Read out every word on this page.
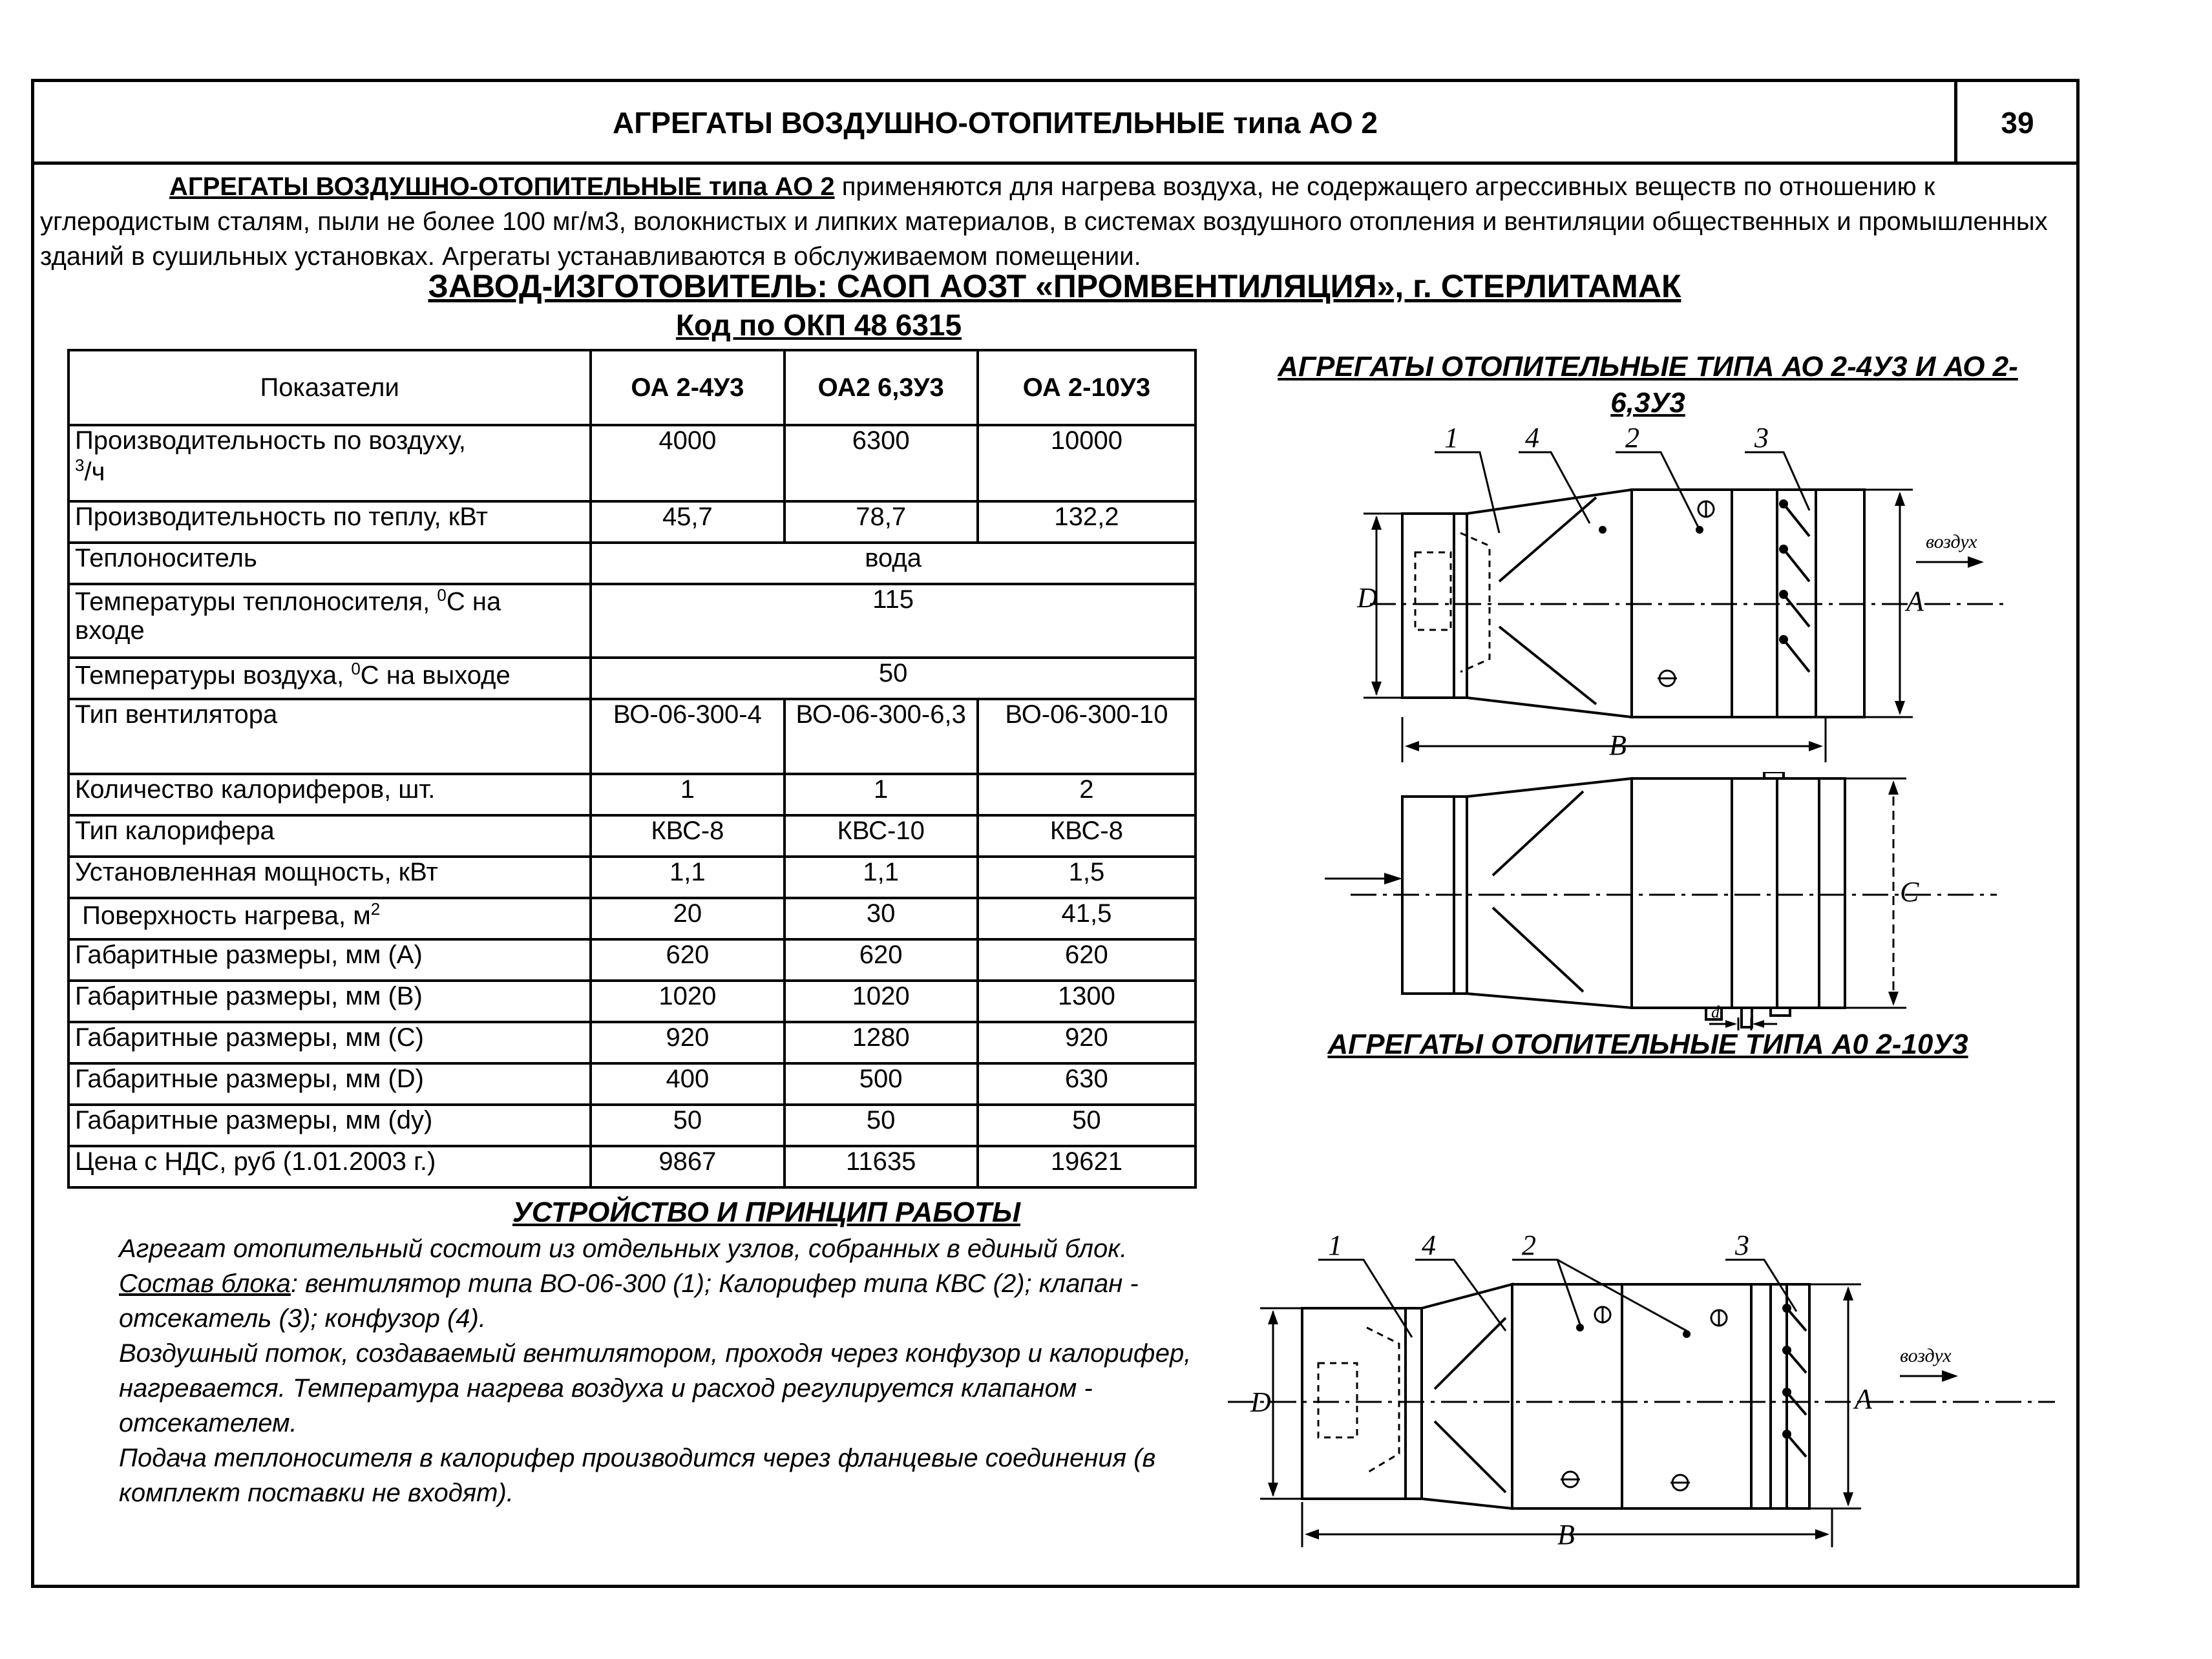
АГРЕГАТЫ ВОЗДУШНО-ОТОПИТЕЛЬНЫЕ типа АО 2	39
АГРЕГАТЫ ВОЗДУШНО-ОТОПИТЕЛЬНЫЕ типа АО 2 применяются для нагрева воздуха, не содержащего агрессивных веществ по отношению к углеродистым сталям, пыли не более 100 мг/м3, волокнистых и липких материалов, в системах воздушного отопления и вентиляции общественных и промышленных зданий в сушильных установках. Агрегаты устанавливаются в обслуживаемом помещении.
ЗАВОД-ИЗГОТОВИТЕЛЬ: САОП АОЗТ «ПРОМВЕНТИЛЯЦИЯ», г. СТЕРЛИТАМАК
Код по ОКП 48 6315
Показатели	ОА 2-4У3	ОА2 6,3У3	ОА 2-10У3
Производительность по воздуху,
$^3$/ч	4000	6300	10000
Производительность по теплу, кВт	45,7	78,7	132,2
Теплоноситель	вода		
Температуры теплоносителя, $^0$С на
входе	115		
Температуры воздуха, $^0$С на выходе	50		
Тип вентилятора	ВО-06-300-4	ВО-06-300-6,3	ВО-06-300-10
Количество калориферов, шт.	1	1	2
Тип калорифера	КВС-8	КВС-10	КВС-8
Установленная мощность, кВт	1,1	1,1	1,5
Поверхность нагрева, $м^2$	20	30	41,5
Габаритные размеры, мм (А)	620	620	620
Габаритные размеры, мм (В)	1020	1020	1300
Габаритные размеры, мм (С)	920	1280	920
Габаритные размеры, мм (D)	400	500	630
Габаритные размеры, мм (dy)	50	50	50
Цена с НДС, руб (1.01.2003 г.)	9867	11635	19621
УСТРОЙСТВО И ПРИНЦИП РАБОТЫ

Агрегат отопительный состоит из отдельных узлов, собранных в единый блок.

Состав блока: вентилятор типа ВО-06-300 (1); Калорифер типа КВС (2); клапан - отсекатель (3); конфузор (4).

Воздушный поток, создаваемый вентилятором, проходя через конфузор и калорифер, нагревается. Температура нагрева воздуха и расход регулируется клапаном - отсекателем.

Подача теплоносителя в калорифер производится через фланцевые соединения (в комплект поставки не входят).

АГРЕГАТЫ ОТОПИТЕЛЬНЫЕ ТИПА АО 2-4У3 И АО 2-6,3У3
АГРЕГАТЫ ОТОПИТЕЛЬНЫЕ ТИПА А0 2-10У3
1 4	2	3
D	A
B
воздух
C
d
1	4	2	3
D	A
B
воздух
